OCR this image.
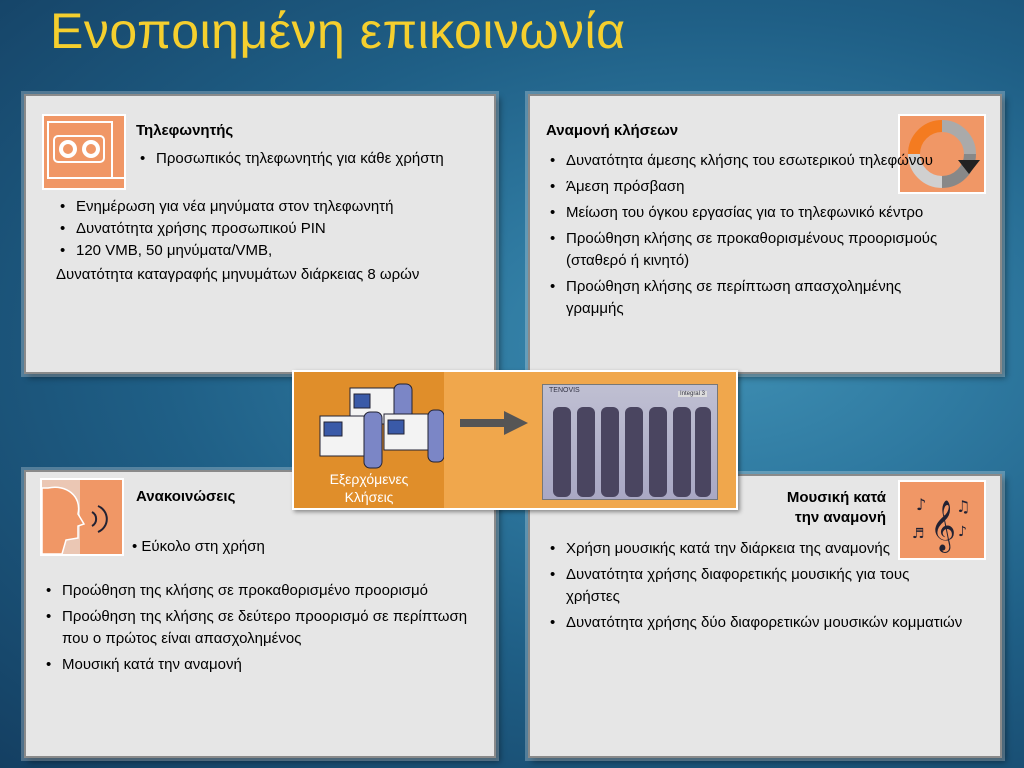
Ενοποιημένη επικοινωνία
Τηλεφωνητής
• Προσωπικός τηλεφωνητής για κάθε χρήστη
• Ενημέρωση για νέα μηνύματα στον τηλεφωνητή
• Δυνατότητα χρήσης προσωπικού PIN
• 120 VMB, 50 μηνύματα/VMB,
Δυνατότητα καταγραφής μηνυμάτων διάρκειας 8 ωρών
Αναμονή κλήσεων
• Δυνατότητα άμεσης κλήσης του εσωτερικού τηλεφώνου
• Άμεση πρόσβαση
• Μείωση του όγκου εργασίας για το τηλεφωνικό κέντρο
• Προώθηση κλήσης σε προκαθορισμένους προορισμούς (σταθερό ή κινητό)
• Προώθηση κλήσης σε περίπτωση απασχολημένης γραμμής
Ανακοινώσεις
• Εύκολο στη χρήση
• Προώθηση της κλήσης σε προκαθορισμένο προορισμό
• Προώθηση της κλήσης σε δεύτερο προορισμό σε περίπτωση που ο πρώτος είναι απασχολημένος
• Μουσική κατά την αναμονή
Μουσική κατά
την αναμονή 𝄞
♪ ♫
♪
♬
• Χρήση μουσικής κατά την διάρκεια της αναμονής
• Δυνατότητα χρήσης διαφορετικής μουσικής για τους χρήστες
• Δυνατότητα χρήσης δύο διαφορετικών μουσικών κομματιών
Εξερχόμενες Κλήσεις
TENOVIS	Integral 3
